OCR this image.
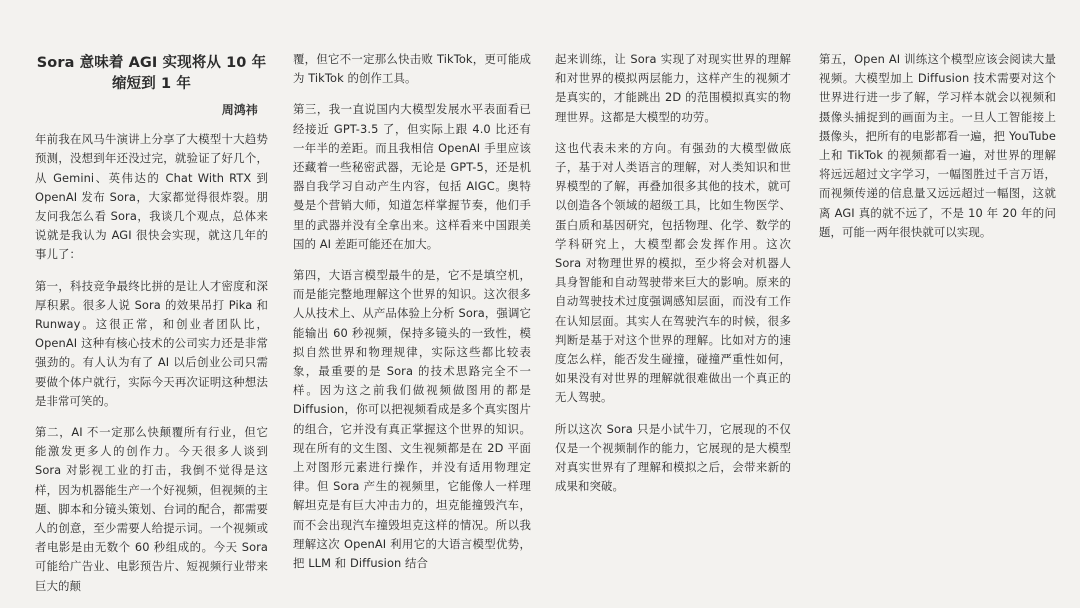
Sora 意味着 AGI 实现将从 10 年缩短到 1 年
周鸿祎

年前我在风马牛演讲上分享了大模型十大趋势预测，没想到年还没过完，就验证了好几个，从 Gemini、英伟达的 Chat With RTX 到 OpenAI 发布 Sora，大家都觉得很炸裂。朋友问我怎么看 Sora，我谈几个观点，总体来说就是我认为 AGI 很快会实现，就这几年的事儿了：

第一，科技竞争最终比拼的是让人才密度和深厚积累。很多人说 Sora 的效果吊打 Pika 和 Runway。这很正常，和创业者团队比，OpenAI 这种有核心技术的公司实力还是非常强劲的。有人认为有了 AI 以后创业公司只需要做个体户就行，实际今天再次证明这种想法是非常可笑的。

第二，AI 不一定那么快颠覆所有行业，但它能激发更多人的创作力。今天很多人谈到 Sora 对影视工业的打击，我倒不觉得是这样，因为机器能生产一个好视频，但视频的主题、脚本和分镜头策划、台词的配合，都需要人的创意，至少需要人给提示词。一个视频或者电影是由无数个 60 秒组成的。今天 Sora 可能给广告业、电影预告片、短视频行业带来巨大的颠

覆，但它不一定那么快击败 TikTok，更可能成为 TikTok 的创作工具。

第三，我一直说国内大模型发展水平表面看已经接近 GPT-3.5 了，但实际上跟 4.0 比还有一年半的差距。而且我相信 OpenAI 手里应该还藏着一些秘密武器，无论是 GPT-5，还是机器自我学习自动产生内容，包括 AIGC。奥特曼是个营销大师，知道怎样掌握节奏，他们手里的武器并没有全拿出来。这样看来中国跟美国的 AI 差距可能还在加大。

第四，大语言模型最牛的是，它不是填空机，而是能完整地理解这个世界的知识。这次很多人从技术上、从产品体验上分析 Sora，强调它能输出 60 秒视频，保持多镜头的一致性，模拟自然世界和物理规律，实际这些都比较表象，最重要的是 Sora 的技术思路完全不一样。因为这之前我们做视频做图用的都是 Diffusion，你可以把视频看成是多个真实图片的组合，它并没有真正掌握这个世界的知识。现在所有的文生图、文生视频都是在 2D 平面上对图形元素进行操作，并没有适用物理定律。但 Sora 产生的视频里，它能像人一样理解坦克是有巨大冲击力的，坦克能撞毁汽车，而不会出现汽车撞毁坦克这样的情况。所以我理解这次 OpenAI 利用它的大语言模型优势，把 LLM 和 Diffusion 结合

起来训练，让 Sora 实现了对现实世界的理解和对世界的模拟两层能力，这样产生的视频才是真实的，才能跳出 2D 的范围模拟真实的物理世界。这都是大模型的功劳。

这也代表未来的方向。有强劲的大模型做底子，基于对人类语言的理解，对人类知识和世界模型的了解，再叠加很多其他的技术，就可以创造各个领域的超级工具，比如生物医学、蛋白质和基因研究，包括物理、化学、数学的学科研究上，大模型都会发挥作用。这次 Sora 对物理世界的模拟，至少将会对机器人具身智能和自动驾驶带来巨大的影响。原来的自动驾驶技术过度强调感知层面，而没有工作在认知层面。其实人在驾驶汽车的时候，很多判断是基于对这个世界的理解。比如对方的速度怎么样，能否发生碰撞，碰撞严重性如何，如果没有对世界的理解就很难做出一个真正的无人驾驶。

所以这次 Sora 只是小试牛刀，它展现的不仅仅是一个视频制作的能力，它展现的是大模型对真实世界有了理解和模拟之后，会带来新的成果和突破。

第五，Open AI 训练这个模型应该会阅读大量视频。大模型加上 Diffusion 技术需要对这个世界进行进一步了解，学习样本就会以视频和摄像头捕捉到的画面为主。一旦人工智能接上摄像头，把所有的电影都看一遍，把 YouTube 上和 TikTok 的视频都看一遍，对世界的理解将远远超过文字学习，一幅图胜过千言万语，而视频传递的信息量又远远超过一幅图，这就离 AGI 真的就不远了，不是 10 年 20 年的问题，可能一两年很快就可以实现。
